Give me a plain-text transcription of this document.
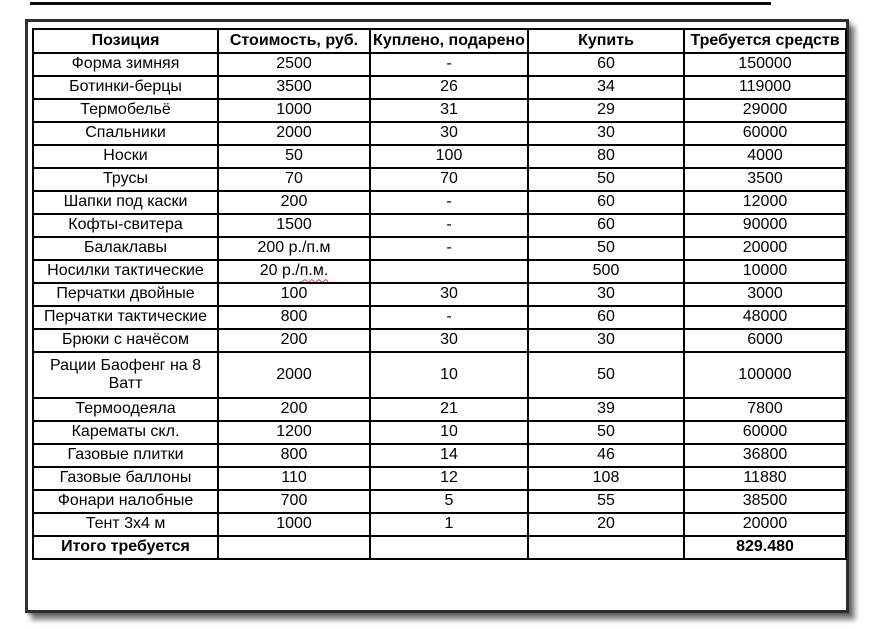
Позиция	Стоимость, руб.	Куплено, подарено	Купить	Требуется средств
Форма зимняя	2500	-	60	150000
Ботинки-берцы	3500	26	34	119000
Термобельё	1000	31	29	29000
Спальники	2000	30	30	60000
Носки	50	100	80	4000
Трусы	70	70	50	3500
Шапки под каски	200	-	60	12000
Кофты-свитера	1500	-	60	90000
Балаклавы	200 р./п.м	-	50	20000
Носилки тактические	20 р./п.м.		500	10000
Перчатки двойные	100	30	30	3000
Перчатки тактические	800	-	60	48000
Брюки с начёсом	200	30	30	6000
Рации Баофенг на 8 Ватт	2000	10	50	100000
Термоодеяла	200	21	39	7800
Карематы скл.	1200	10	50	60000
Газовые плитки	800	14	46	36800
Газовые баллоны	110	12	108	11880
Фонари налобные	700	5	55	38500
Тент 3х4 м	1000	1	20	20000
Итого требуется				829.480
